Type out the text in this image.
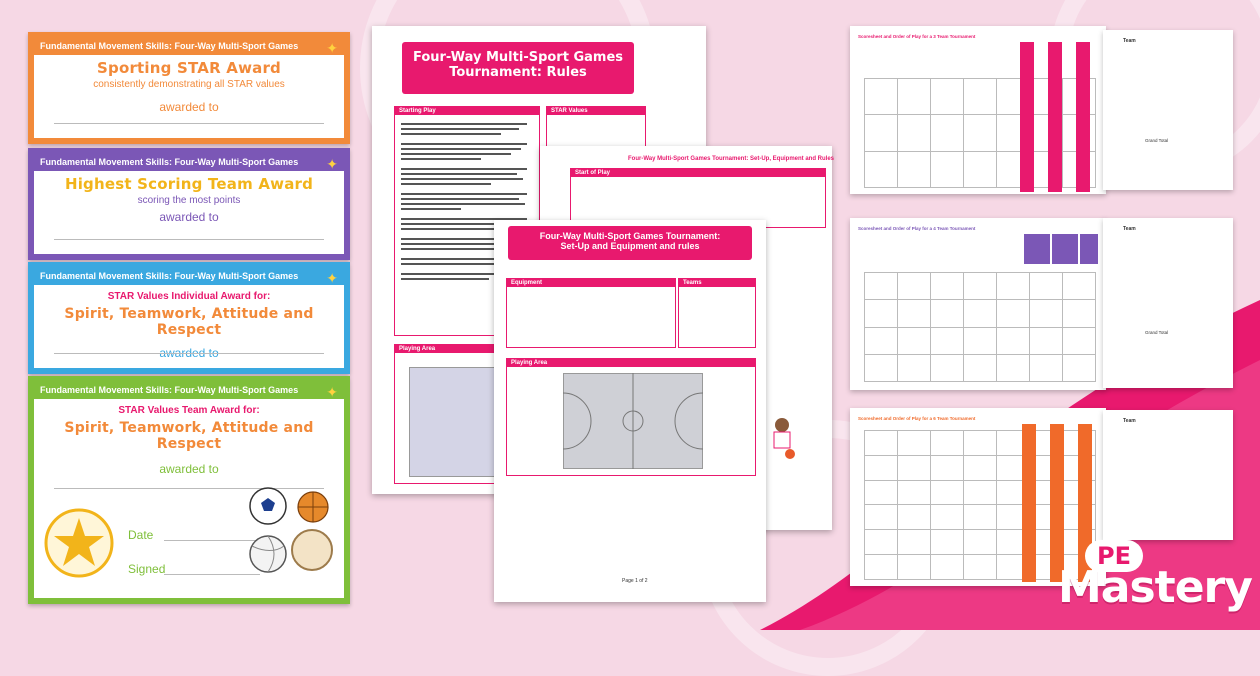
Fundamental Movement Skills: Four-Way Multi-Sport Games	✦
Sporting STAR Award
consistently demonstrating all STAR values
awarded to
Fundamental Movement Skills: Four-Way Multi-Sport Games	✦
Highest Scoring Team Award
scoring the most points
awarded to
Fundamental Movement Skills: Four-Way Multi-Sport Games	✦
STAR Values Individual Award for:
Spirit, Teamwork, Attitude and Respect
awarded to
Fundamental Movement Skills: Four-Way Multi-Sport Games	✦
STAR Values Team Award for:
Spirit, Teamwork, Attitude and Respect
awarded to
Date
Signed
Four-Way Multi-Sport Games
Tournament: Rules
Starting Play	STAR Values
Playing Area
Four-Way Multi-Sport Games Tournament: Set-Up, Equipment and Rules
Start of Play
Four-Way Multi-Sport Games Tournament:
Set-Up and Equipment and rules
Equipment	Teams
Playing Area
Page 1 of 2
Scoresheet and Order of Play for a 3 Team Tournament

Team
Grand Total
Scoresheet and Order of Play for a 4 Team Tournament

							Team
Grand Total
Scoresheet and Order of Play for a 6 Team Tournament

							Team
PE
Mastery
